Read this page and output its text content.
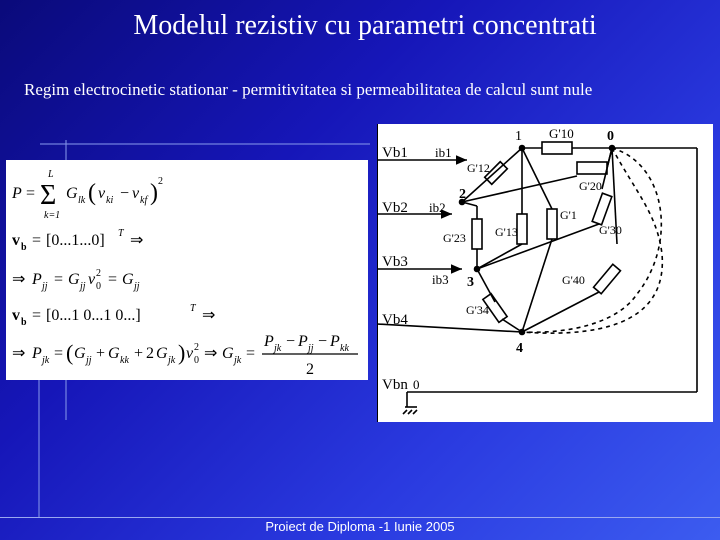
Modelul rezistiv cu parametri concentrati
Regim electrocinetic stationar - permitivitatea si permeabilitatea de calcul sunt nule
P = Σ
L
k=1
G lk ( v ki − v kf ) 2
v b = [0...1...0] T ⇒
⇒ P jj = G jj v 2
0 = G jj
v b = [0...1 0...1 0...]	T ⇒
⇒ P jk = ( G jj + G kk + 2 G jk ) v 2
0 ⇒ G jk =
P jk − P jj − P kk
2
1	0
2
3
4
G'10
G'12
G'20
G'13
G'23
G'1
G'30
G'40
G'34
Vb1
Vb2
Vb3
Vb4
Vbn
ib1
ib2
ib3
0
Proiect de Diploma -1 Iunie 2005
